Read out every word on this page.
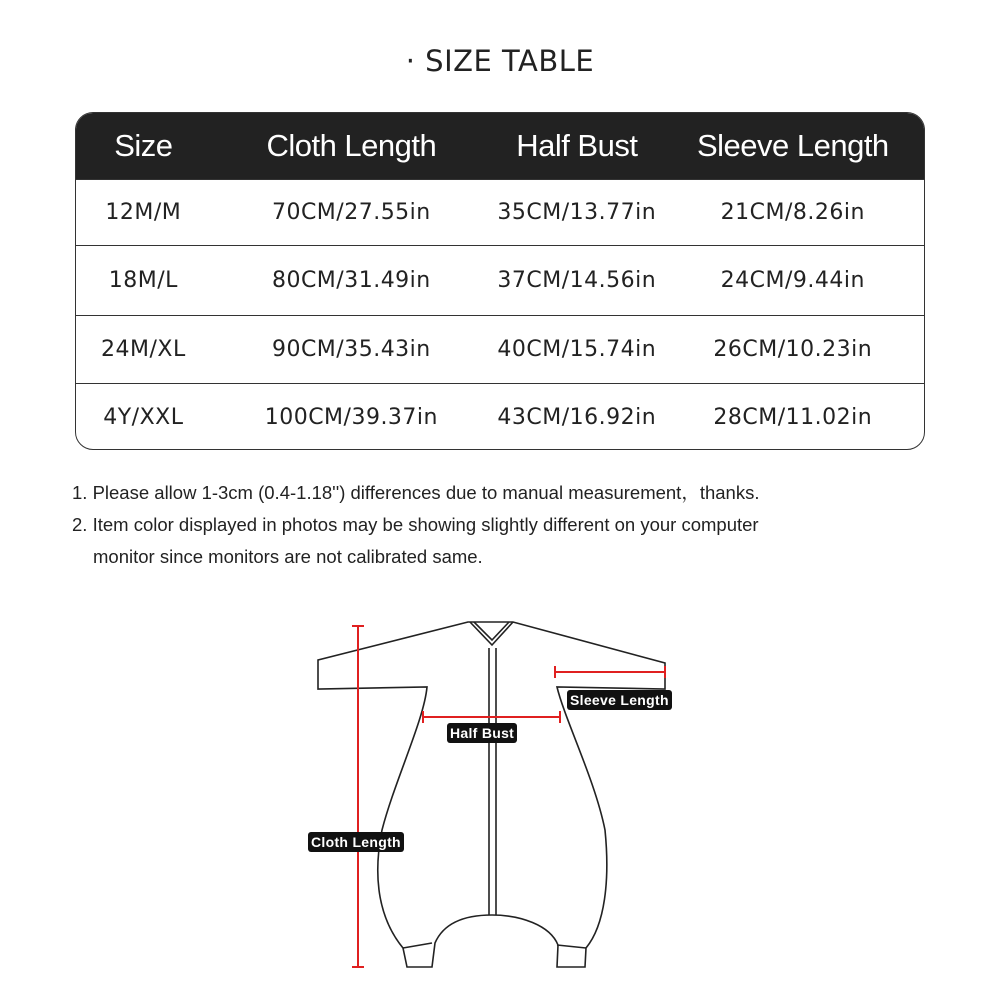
· SIZE TABLE
Size	Cloth Length	Half Bust	Sleeve Length
12M/M	70CM/27.55in	35CM/13.77in	21CM/8.26in
18M/L	80CM/31.49in	37CM/14.56in	24CM/9.44in
24M/XL	90CM/35.43in	40CM/15.74in	26CM/10.23in
4Y/XXL	100CM/39.37in	43CM/16.92in	28CM/11.02in
1. Please allow 1-3cm (0.4-1.18'') differences due to manual measurement，thanks.
2. Item color displayed in photos may be showing slightly different on your computer
monitor since monitors are not calibrated same.
Cloth Length
Half Bust
Sleeve Length
